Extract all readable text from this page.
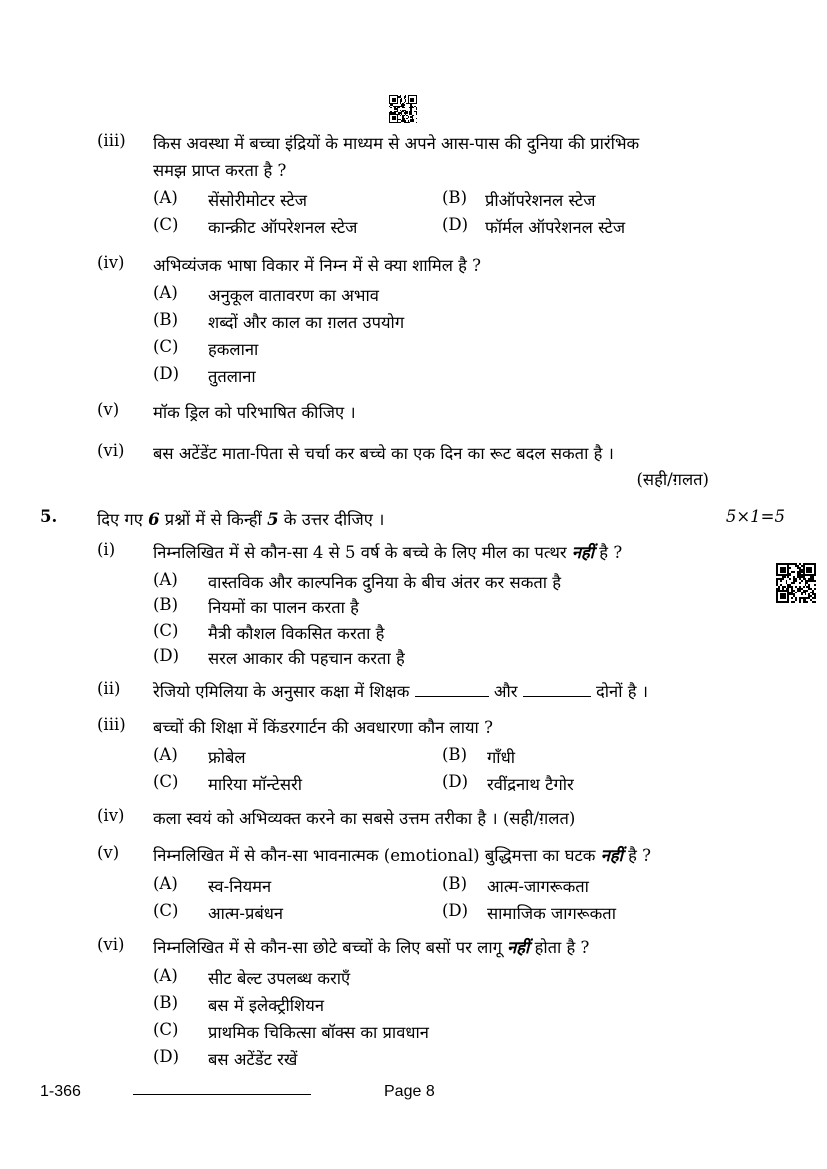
(iii) किस अवस्था में बच्चा इंद्रियों के माध्यम से अपने आस-पास की दुनिया की प्रारंभिक
समझ प्राप्त करता है ?
(A) सेंसोरीमोटर स्टेज	(B) प्रीऑपरेशनल स्टेज
(C) कान्क्रीट ऑपरेशनल स्टेज	(D) फॉर्मल ऑपरेशनल स्टेज
(iv) अभिव्यंजक भाषा विकार में निम्न में से क्या शामिल है ?
(A) अनुकूल वातावरण का अभाव
(B) शब्दों और काल का ग़लत उपयोग
(C) हकलाना
(D) तुतलाना
(v) मॉक ड्रिल को परिभाषित कीजिए ।
(vi) बस अटेंडेंट माता-पिता से चर्चा कर बच्चे का एक दिन का रूट बदल सकता है ।
(सही/ग़लत)
5. दिए गए 6 प्रश्नों में से किन्हीं 5 के उत्तर दीजिए ।	5×1=5
(i) निम्नलिखित में से कौन-सा 4 से 5 वर्ष के बच्चे के लिए मील का पत्थर नहीं है ?
(A) वास्तविक और काल्पनिक दुनिया के बीच अंतर कर सकता है
(B) नियमों का पालन करता है
(C) मैत्री कौशल विकसित करता है
(D) सरल आकार की पहचान करता है
(ii) रेजियो एमिलिया के अनुसार कक्षा में शिक्षक	और	दोनों है ।
(iii) बच्चों की शिक्षा में किंडरगार्टन की अवधारणा कौन लाया ?
(A) फ्रोबेल	(B) गाँधी
(C) मारिया मॉन्टेसरी	(D) रवींद्रनाथ टैगोर
(iv) कला स्वयं को अभिव्यक्त करने का सबसे उत्तम तरीका है । (सही/ग़लत)
(v) निम्नलिखित में से कौन-सा भावनात्मक (emotional) बुद्धिमत्ता का घटक नहीं है ?
(A) स्व-नियमन	(B) आत्म-जागरूकता
(C) आत्म-प्रबंधन	(D) सामाजिक जागरूकता
(vi) निम्नलिखित में से कौन-सा छोटे बच्चों के लिए बसों पर लागू नहीं होता है ?
(A) सीट बेल्ट उपलब्ध कराएँ
(B) बस में इलेक्ट्रीशियन
(C) प्राथमिक चिकित्सा बॉक्स का प्रावधान
(D) बस अटेंडेंट रखें
1-366	Page 8
